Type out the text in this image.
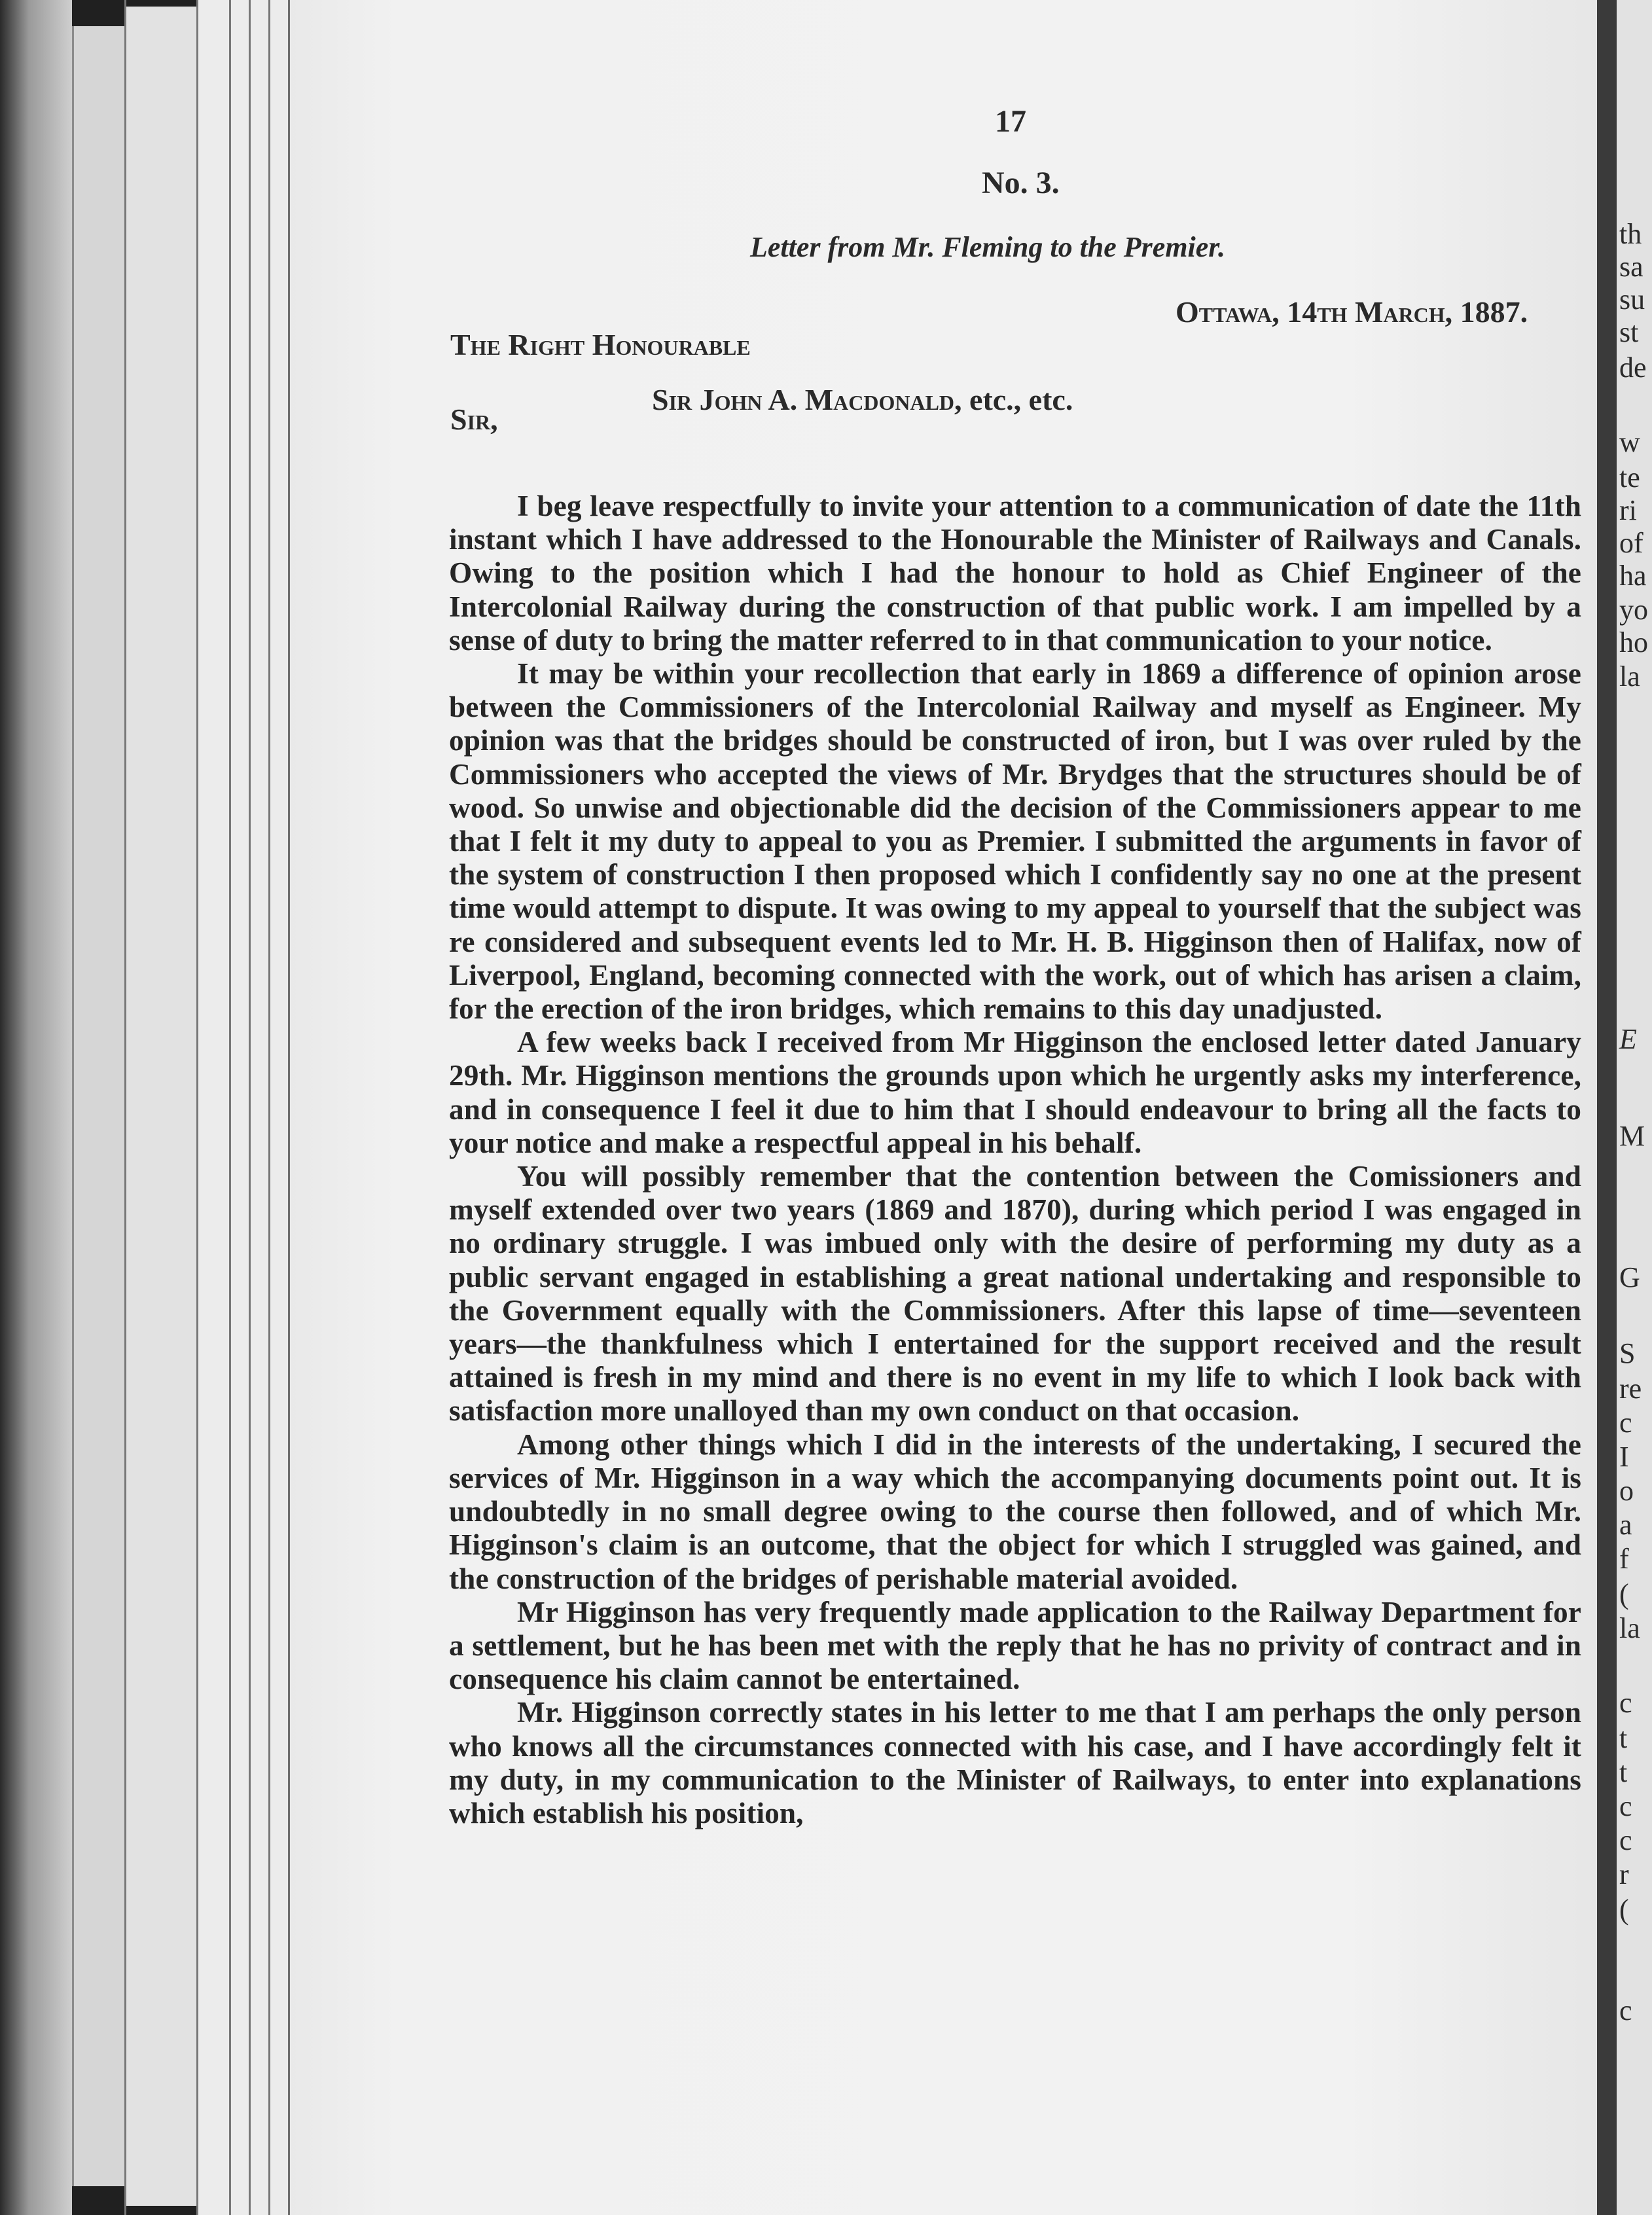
th
sa
su
st
de
w
te
ri
of
ha
yo
ho
la
E
M
G
S
re
c
I
o
a
f
(
la
c
t
t
c
c
r
(
c
17
No. 3.
Letter from Mr. Fleming to the Premier.
Ottawa, 14th March, 1887.
The Right Honourable
Sir John A. Macdonald, etc., etc.
Sir,

I beg leave respectfully to invite your attention to a communication of date the 11th instant which I have addressed to the Honourable the Minister of Railways and Canals. Owing to the position which I had the honour to hold as Chief Engineer of the Intercolonial Railway during the construction of that public work. I am impelled by a sense of duty to bring the matter referred to in that communication to your notice.

It may be within your recollection that early in 1869 a difference of opinion arose between the Commissioners of the Intercolonial Railway and myself as Engineer. My opinion was that the bridges should be constructed of iron, but I was over ruled by the Commissioners who accepted the views of Mr. Brydges that the structures should be of wood. So unwise and objectionable did the decision of the Commissioners appear to me that I felt it my duty to appeal to you as Premier. I submitted the arguments in favor of the system of construction I then proposed which I confidently say no one at the present time would attempt to dispute. It was owing to my appeal to yourself that the subject was re considered and subsequent events led to Mr. H. B. Higginson then of Halifax, now of Liverpool, England, becoming connected with the work, out of which has arisen a claim, for the erection of the iron bridges, which remains to this day unadjusted.

A few weeks back I received from Mr Higginson the enclosed letter dated January 29th. Mr. Higginson mentions the grounds upon which he urgently asks my interference, and in consequence I feel it due to him that I should endeavour to bring all the facts to your notice and make a respectful appeal in his behalf.

You will possibly remember that the contention between the Comissioners and myself extended over two years (1869 and 1870), during which period I was engaged in no ordinary struggle. I was imbued only with the desire of performing my duty as a public servant engaged in establishing a great national undertaking and responsible to the Government equally with the Commissioners. After this lapse of time—seventeen years—the thankfulness which I entertained for the support received and the result attained is fresh in my mind and there is no event in my life to which I look back with satisfaction more unalloyed than my own conduct on that occasion.

Among other things which I did in the interests of the undertaking, I secured the services of Mr. Higginson in a way which the accompanying documents point out. It is undoubtedly in no small degree owing to the course then followed, and of which Mr. Higginson's claim is an outcome, that the object for which I struggled was gained, and the construction of the bridges of perishable material avoided.

Mr Higginson has very frequently made application to the Railway Department for a settlement, but he has been met with the reply that he has no privity of contract and in consequence his claim cannot be entertained.

Mr. Higginson correctly states in his letter to me that I am perhaps the only person who knows all the circumstances connected with his case, and I have accordingly felt it my duty, in my communication to the Minister of Railways, to enter into explanations which establish his position,
